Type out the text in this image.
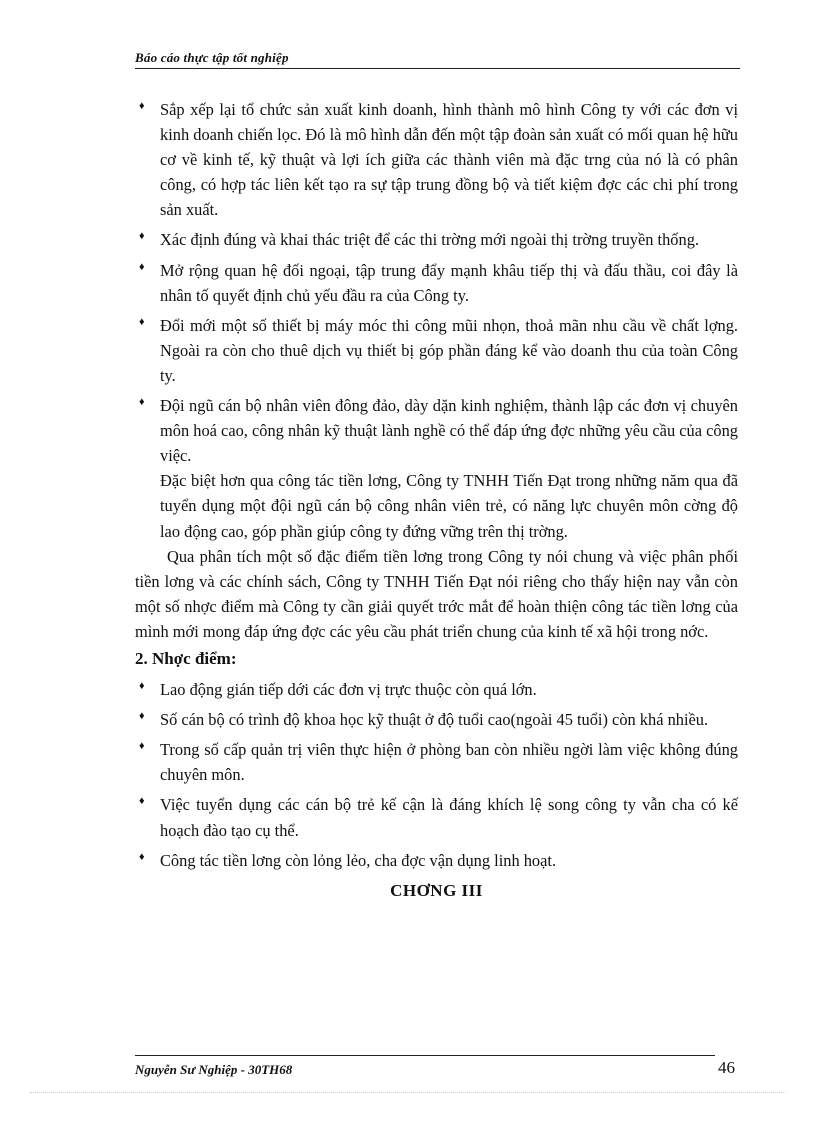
Báo cáo thực tập tốt nghiệp
♦ Sắp xếp lại tổ chức sản xuất kinh doanh, hình thành mô hình Công ty với các đơn vị kinh doanh chiến lọc. Đó là mô hình dẫn đến một tập đoàn sản xuất có mối quan hệ hữu cơ về kinh tế, kỹ thuật và lợi ích giữa các thành viên mà đặc trng của nó là có phân công, có hợp tác liên kết tạo ra sự tập trung đồng bộ và tiết kiệm đợc các chi phí trong sản xuất.
♦ Xác định đúng và khai thác triệt để các thi trờng mới ngoài thị trờng truyền thống.
♦ Mở rộng quan hệ đối ngoại, tập trung đẩy mạnh khâu tiếp thị và đấu thầu, coi đây là nhân tố quyết định chủ yếu đầu ra của Công ty.
♦ Đổi mới một số thiết bị máy móc thi công mũi nhọn, thoả mãn nhu cầu về chất lợng. Ngoài ra còn cho thuê dịch vụ thiết bị góp phần đáng kể vào doanh thu của toàn Công ty.
♦ Đội ngũ cán bộ nhân viên đông đảo, dày dặn kinh nghiệm, thành lập các đơn vị chuyên môn hoá cao, công nhân kỹ thuật lành nghề có thể đáp ứng đợc những yêu cầu của công việc.
Đặc biệt hơn qua công tác tiền lơng, Công ty TNHH Tiến Đạt trong những năm qua đã tuyển dụng một đội ngũ cán bộ công nhân viên trẻ, có năng lực chuyên môn cờng độ lao động cao, góp phần giúp công ty đứng vững trên thị trờng.
Qua phân tích một số đặc điểm tiền lơng trong Công ty nói chung và việc phân phối tiền lơng và các chính sách, Công ty TNHH Tiến Đạt nói riêng cho thấy hiện nay vẫn còn một số nhợc điểm mà Công ty cần giải quyết trớc mắt để hoàn thiện công tác tiền lơng của mình mới mong đáp ứng đợc các yêu cầu phát triển chung của kinh tế xã hội trong nớc.
2. Nhợc điểm:
♦ Lao động gián tiếp dới các đơn vị trực thuộc còn quá lớn.
♦ Số cán bộ có trình độ khoa học kỹ thuật ở độ tuổi cao(ngoài 45 tuổi) còn khá nhiều.
♦ Trong số cấp quản trị viên thực hiện ở phòng ban còn nhiều ngời làm việc không đúng chuyên môn.
♦ Việc tuyển dụng các cán bộ trẻ kế cận là đáng khích lệ song công ty vẫn cha có kế hoạch đào tạo cụ thể.
♦ Công tác tiền lơng còn lỏng lẻo, cha đợc vận dụng linh hoạt.
CHƠNG III
Nguyễn Sư Nghiệp - 30TH68	46
